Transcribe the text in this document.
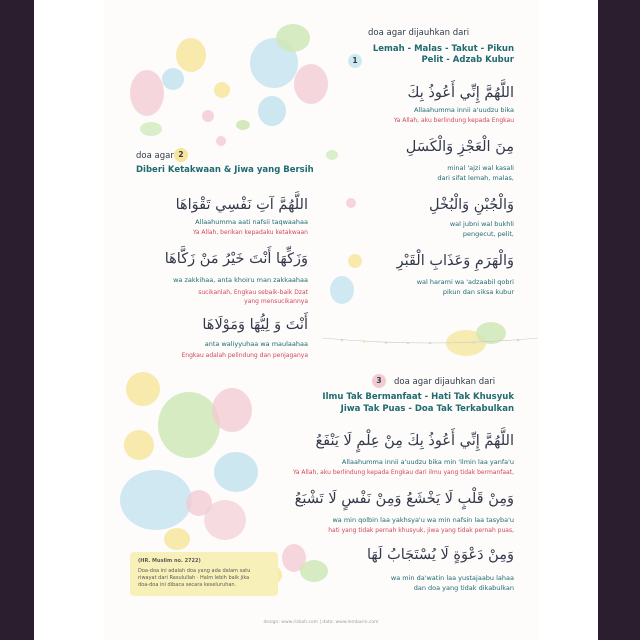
1
doa agar dijauhkan dari
Lemah - Malas - Takut - Pikun
Pelit - Adzab Kubur
اللَّهُمَّ إِنِّي أَعُوذُ بِكَ
Allaahumma innii a'uudzu bika
Ya Allah, aku berlindung kepada Engkau
مِنَ الْعَجْزِ وَالْكَسَلِ
minal 'ajzi wal kasali
dari sifat lemah, malas,
وَالْجُبْنِ وَالْبُخْلِ
wal jubni wal bukhli
pengecut, pelit,
وَالْهَرَمِ وَعَذَابِ الْقَبْرِ
wal harami wa 'adzaabil qobri
pikun dan siksa kubur
doa agar 2
Diberi Ketakwaan & Jiwa yang Bersih
اللَّهُمَّ آتِ نَفْسِي تَقْوَاهَا
Allaahumma aati nafsii taqwaahaa
Ya Allah, berikan kepadaku ketakwaan
وَزَكِّهَا أَنْتَ خَيْرُ مَنْ زَكَّاهَا
wa zakkihaa, anta khoiru man zakkaahaa
sucikanlah, Engkau sebaik-baik Dzat
yang mensucikannya
أَنْتَ وَ لِيُّهَا وَمَوْلَاهَا
anta waliyyuhaa wa maulaahaa
Engkau adalah pelindung dan penjaganya
3	doa agar dijauhkan dari
Ilmu Tak Bermanfaat - Hati Tak Khusyuk
Jiwa Tak Puas - Doa Tak Terkabulkan
اللَّهُمَّ إِنِّي أَعُوذُ بِكَ مِنْ عِلْمٍ لَا يَنْفَعُ
Allaahumma innii a'uudzu bika min 'ilmin laa yanfa'u
Ya Allah, aku berlindung kepada Engkau dari ilmu yang tidak bermanfaat,
وَمِنْ قَلْبٍ لَا يَخْشَعُ وَمِنْ نَفْسٍ لَا تَشْبَعُ
wa min qolbin laa yakhsya'u wa min nafsin laa tasyba'u
hati yang tidak pernah khusyuk, jiwa yang tidak pernah puas,
وَمِنْ دَعْوَةٍ لَا يُسْتَجَابُ لَهَا
wa min da'watin laa yustajaabu lahaa
dan doa yang tidak dikabulkan
(HR. Muslim no. 2722)
Doa-doa ini adalah doa yang ada dalam satu
riwayat dari Rasulullah · Halm lebih baik jika
doa-doa ini dibaca secara keseluruhan.
design: www.rizkah.com | data: www.lembarin.com
